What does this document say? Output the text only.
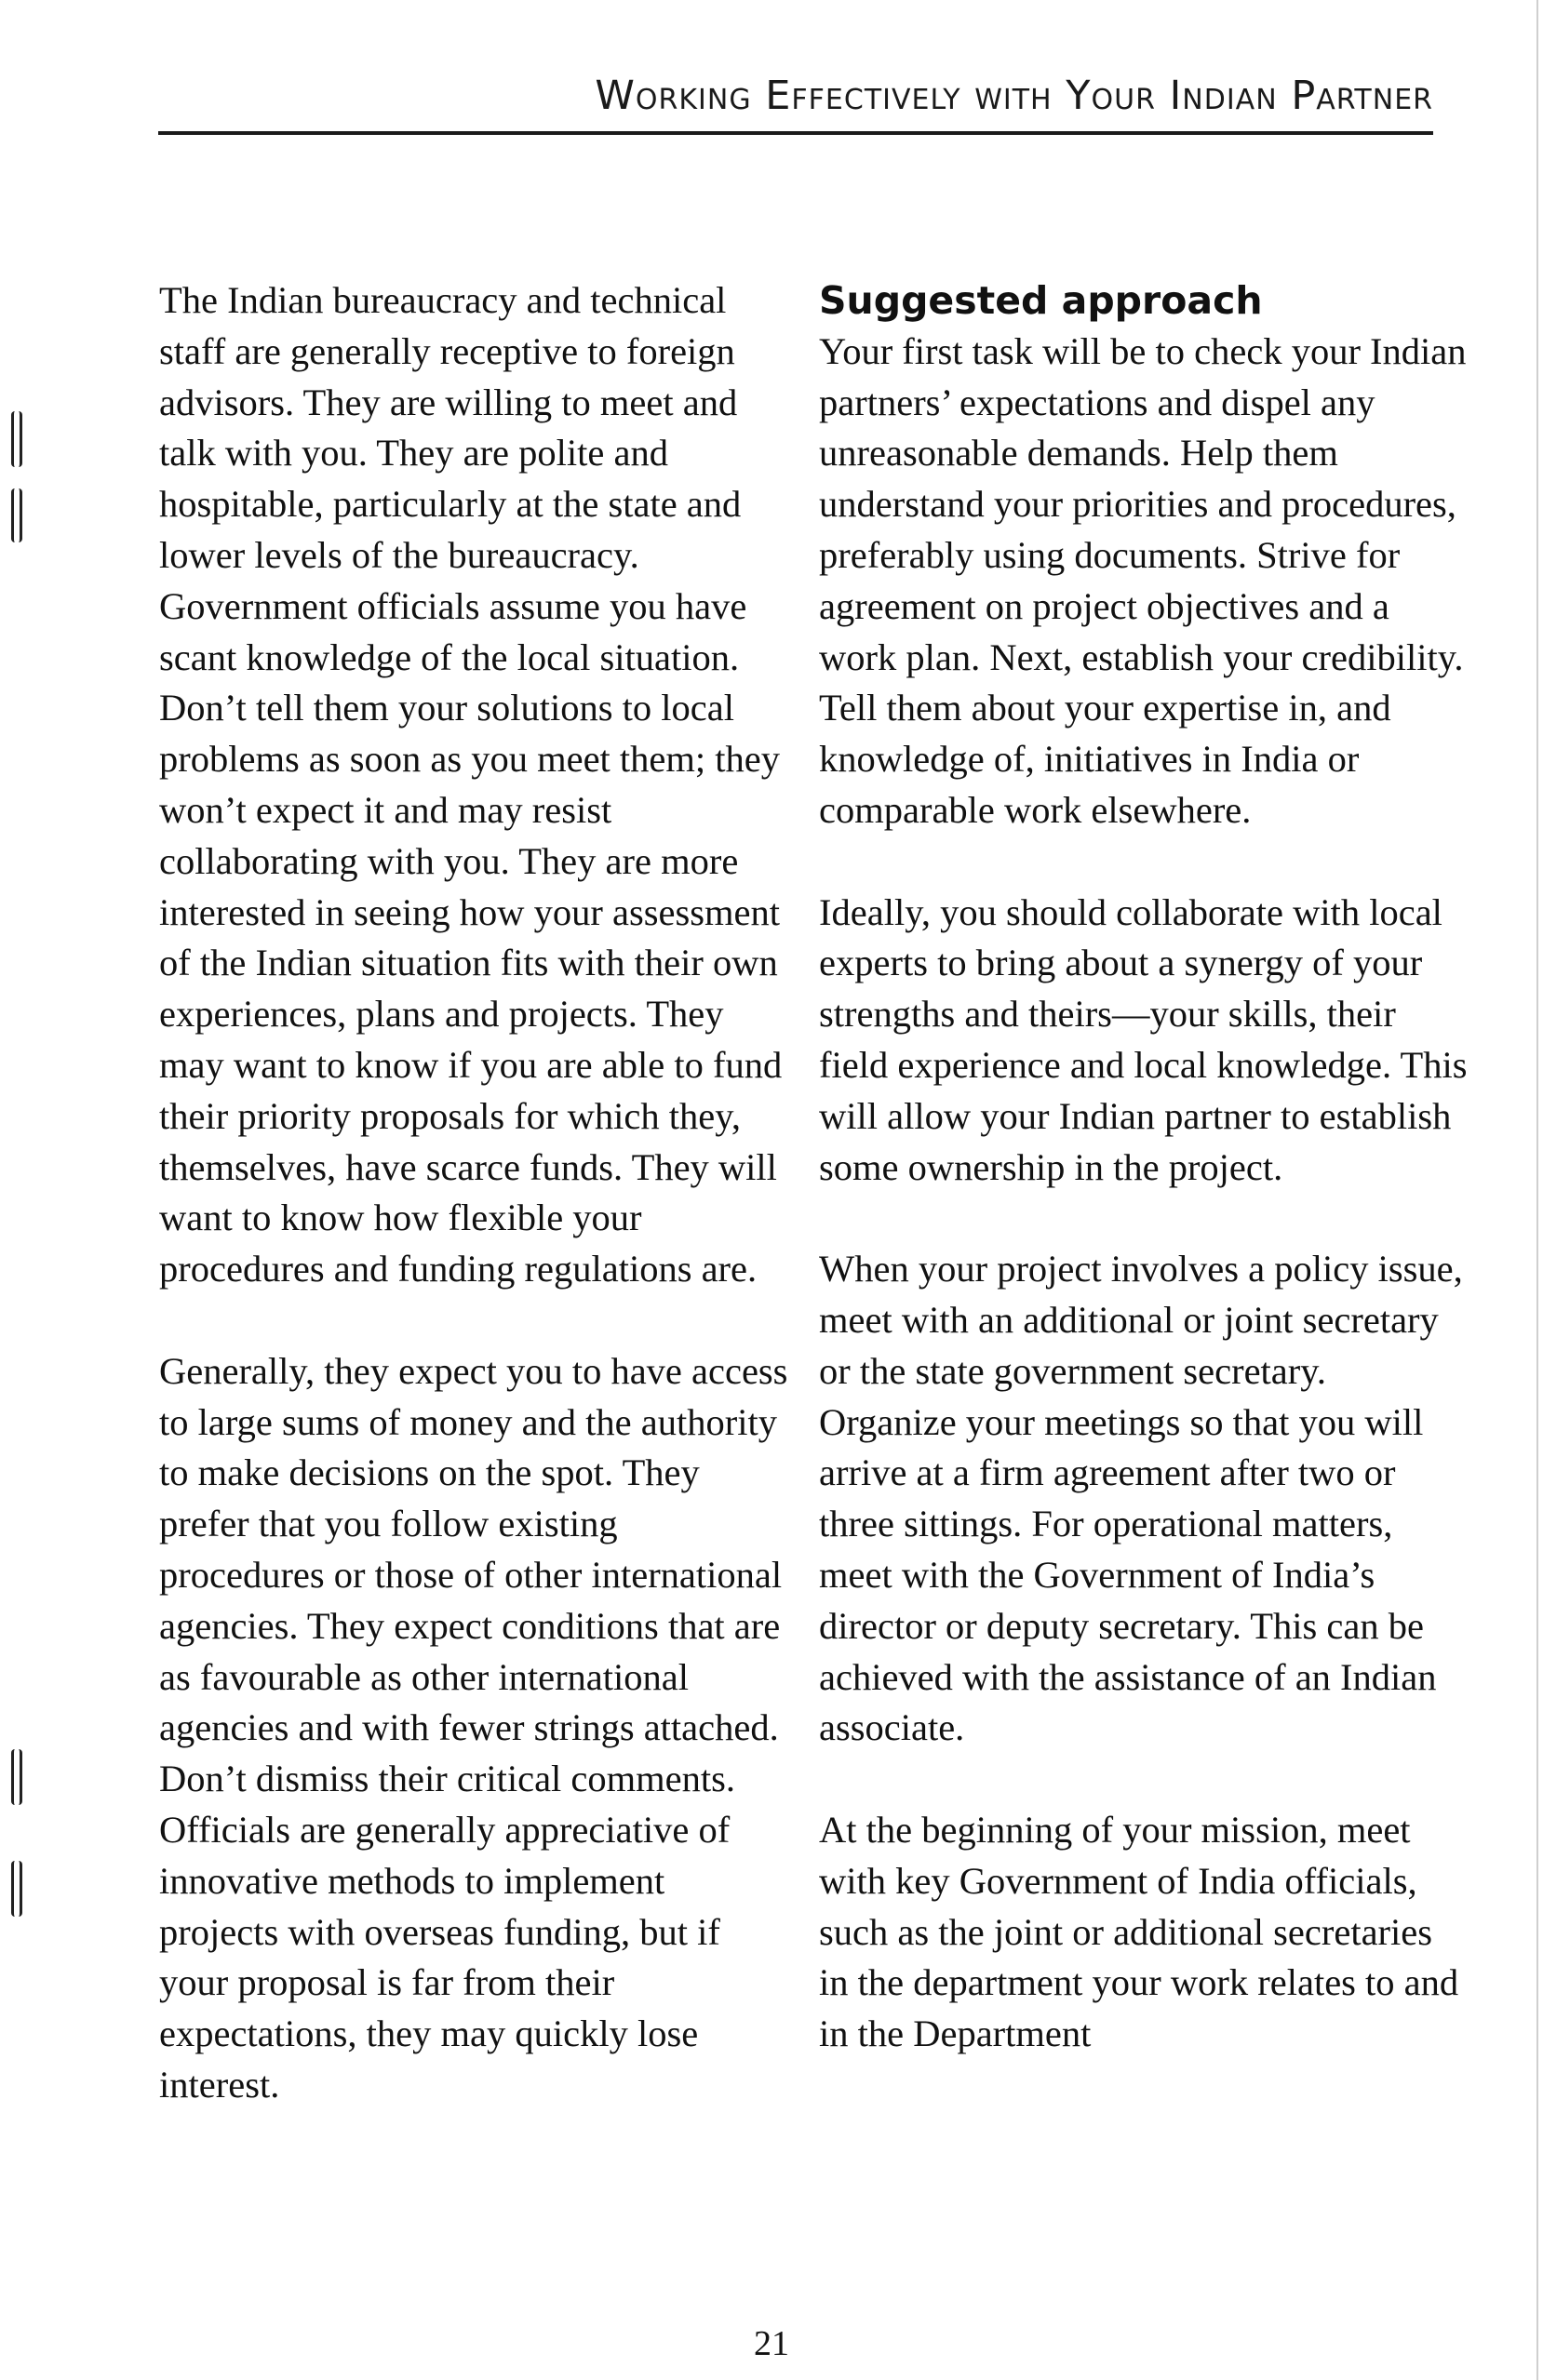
Working Effectively with Your Indian Partner

The Indian bureaucracy and technical staff are generally receptive to foreign advisors. They are willing to meet and talk with you. They are polite and hospitable, particularly at the state and lower levels of the bureaucracy. Government officials assume you have scant knowledge of the local situation. Don’t tell them your solutions to local problems as soon as you meet them; they won’t expect it and may resist collaborating with you. They are more interested in seeing how your assessment of the Indian situation fits with their own experiences, plans and projects. They may want to know if you are able to fund their priority proposals for which they, themselves, have scarce funds. They will want to know how flexible your procedures and funding regulations are.

Generally, they expect you to have access to large sums of money and the authority to make decisions on the spot. They prefer that you follow existing procedures or those of other international agencies. They expect conditions that are as favourable as other international agencies and with fewer strings attached. Don’t dismiss their critical comments. Officials are generally appreciative of innovative methods to implement projects with overseas funding, but if your proposal is far from their expectations, they may quickly lose interest.

Suggested approach

Your first task will be to check your Indian partners’ expectations and dispel any unreasonable demands. Help them understand your priorities and procedures, preferably using documents. Strive for agreement on project objectives and a work plan. Next, establish your credibility. Tell them about your expertise in, and knowledge of, initiatives in India or comparable work elsewhere.

Ideally, you should collaborate with local experts to bring about a synergy of your strengths and theirs—your skills, their field experience and local knowledge. This will allow your Indian partner to establish some ownership in the project.

When your project involves a policy issue, meet with an additional or joint secretary or the state government secretary. Organize your meetings so that you will arrive at a firm agreement after two or three sittings. For operational matters, meet with the Government of India’s director or deputy secretary. This can be achieved with the assistance of an Indian associate.

At the beginning of your mission, meet with key Government of India officials, such as the joint or additional secretaries in the department your work relates to and in the Department

21
